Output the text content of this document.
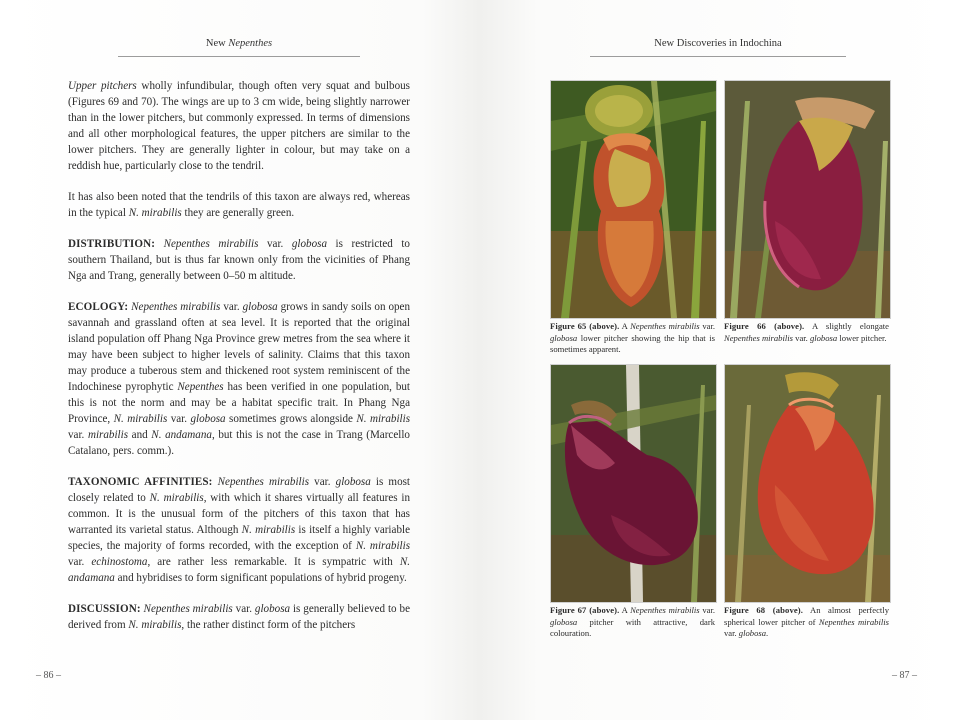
New Nepenthes

Upper pitchers wholly infundibular, though often very squat and bulbous (Figures 69 and 70). The wings are up to 3 cm wide, being slightly narrower than in the lower pitchers, but commonly expressed. In terms of dimensions and all other morphological features, the upper pitchers are similar to the lower pitchers. They are generally lighter in colour, but may take on a reddish hue, particularly close to the tendril.

It has also been noted that the tendrils of this taxon are always red, whereas in the typical N. mirabilis they are generally green.

DISTRIBUTION: Nepenthes mirabilis var. globosa is restricted to southern Thailand, but is thus far known only from the vicinities of Phang Nga and Trang, generally between 0–50 m altitude.

ECOLOGY: Nepenthes mirabilis var. globosa grows in sandy soils on open savannah and grassland often at sea level. It is reported that the original island population off Phang Nga Province grew metres from the sea where it may have been subject to higher levels of salinity. Claims that this taxon may produce a tuberous stem and thickened root system reminiscent of the Indochinese pyrophytic Nepenthes has been verified in one population, but this is not the norm and may be a habitat specific trait. In Phang Nga Province, N. mirabilis var. globosa sometimes grows alongside N. mirabilis var. mirabilis and N. andamana, but this is not the case in Trang (Marcello Catalano, pers. comm.).

TAXONOMIC AFFINITIES: Nepenthes mirabilis var. globosa is most closely related to N. mirabilis, with which it shares virtually all features in common. It is the unusual form of the pitchers of this taxon that has warranted its varietal status. Although N. mirabilis is itself a highly variable species, the majority of forms recorded, with the exception of N. mirabilis var. echinostoma, are rather less remarkable. It is sympatric with N. andamana and hybridises to form significant populations of hybrid progeny.

DISCUSSION: Nepenthes mirabilis var. globosa is generally believed to be derived from N. mirabilis, the rather distinct form of the pitchers

– 86 –
New Discoveries in Indochina
Figure 65 (above). A Nepenthes mirabilis var. globosa lower pitcher showing the hip that is sometimes apparent.
Figure 66 (above). A slightly elongate Nepenthes mirabilis var. globosa lower pitcher.
Figure 67 (above). A Nepenthes mirabilis var. globosa pitcher with attractive, dark colouration.
Figure 68 (above). An almost perfectly spherical lower pitcher of Nepenthes mirabilis var. globosa.
– 87 –
